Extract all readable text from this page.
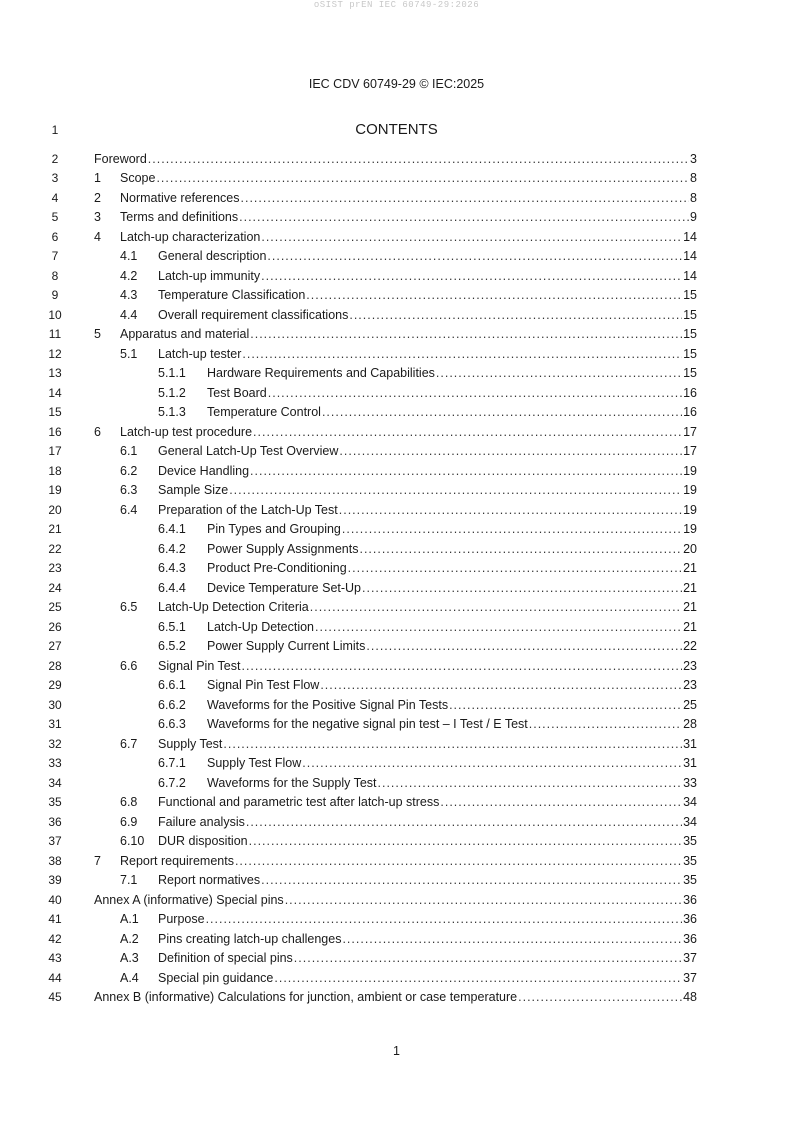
oSIST prEN IEC 60749-29:2026
IEC CDV 60749-29 © IEC:2025
1	CONTENTS
2	Foreword .....	3
3	1	Scope .....	8
4	2	Normative references .....	8
5	3	Terms and definitions .....	9
6	4	Latch-up characterization .....	14
7	4.1	General description .....	14
8	4.2	Latch-up immunity .....	14
9	4.3	Temperature Classification .....	15
10	4.4	Overall requirement classifications .....	15
11	5	Apparatus and material .....	15
12	5.1	Latch-up tester .....	15
13	5.1.1	Hardware Requirements and Capabilities .....	15
14	5.1.2	Test Board .....	16
15	5.1.3	Temperature Control .....	16
16	6	Latch-up test procedure .....	17
17	6.1	General Latch-Up Test Overview .....	17
18	6.2	Device Handling .....	19
19	6.3	Sample Size .....	19
20	6.4	Preparation of the Latch-Up Test .....	19
21	6.4.1	Pin Types and Grouping .....	19
22	6.4.2	Power Supply Assignments .....	20
23	6.4.3	Product Pre-Conditioning .....	21
24	6.4.4	Device Temperature Set-Up .....	21
25	6.5	Latch-Up Detection Criteria .....	21
26	6.5.1	Latch-Up Detection .....	21
27	6.5.2	Power Supply Current Limits .....	22
28	6.6	Signal Pin Test .....	23
29	6.6.1	Signal Pin Test Flow .....	23
30	6.6.2	Waveforms for the Positive Signal Pin Tests .....	25
31	6.6.3	Waveforms for the negative signal pin test – I Test / E Test .....	28
32	6.7	Supply Test .....	31
33	6.7.1	Supply Test Flow .....	31
34	6.7.2	Waveforms for the Supply Test .....	33
35	6.8	Functional and parametric test after latch-up stress .....	34
36	6.9	Failure analysis .....	34
37	6.10	DUR disposition .....	35
38	7	Report requirements .....	35
39	7.1	Report normatives .....	35
40	Annex A (informative) Special pins .....	36
41	A.1	Purpose .....	36
42	A.2	Pins creating latch-up challenges .....	36
43	A.3	Definition of special pins .....	37
44	A.4	Special pin guidance .....	37
45	Annex B (informative) Calculations for junction, ambient or case temperature .....	48
1
